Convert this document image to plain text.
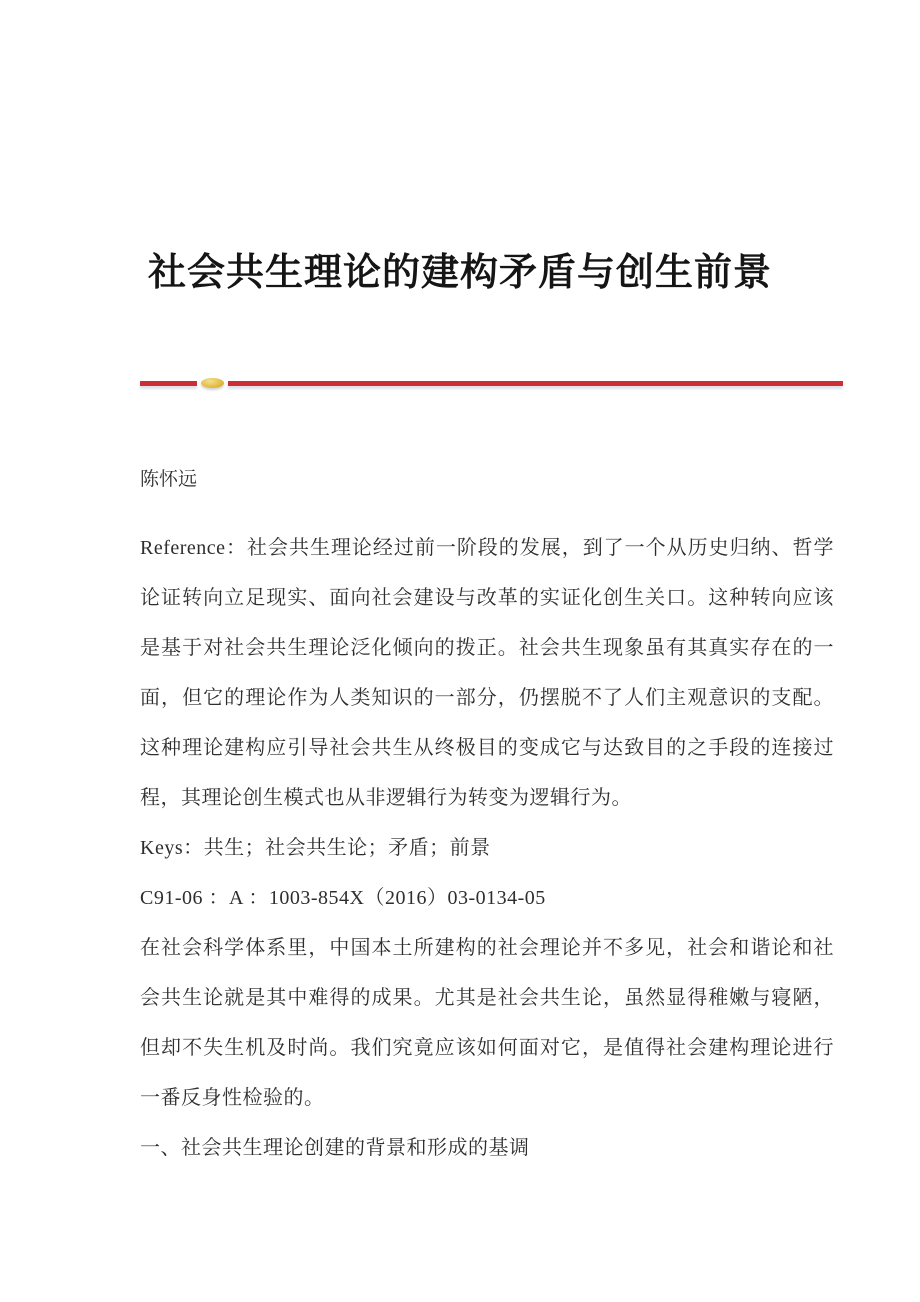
社会共生理论的建构矛盾与创生前景

陈怀远

Reference：社会共生理论经过前一阶段的发展，到了一个从历史归纳、哲学论证转向立足现实、面向社会建设与改革的实证化创生关口。这种转向应该是基于对社会共生理论泛化倾向的拨正。社会共生现象虽有其真实存在的一面，但它的理论作为人类知识的一部分，仍摆脱不了人们主观意识的支配。这种理论建构应引导社会共生从终极目的变成它与达致目的之手段的连接过程，其理论创生模式也从非逻辑行为转变为逻辑行为。

Keys：共生；社会共生论；矛盾；前景

C91-06 ：A ：1003-854X（2016）03-0134-05

在社会科学体系里，中国本土所建构的社会理论并不多见，社会和谐论和社会共生论就是其中难得的成果。尤其是社会共生论，虽然显得稚嫩与寝陋，但却不失生机及时尚。我们究竟应该如何面对它，是值得社会建构理论进行一番反身性检验的。

一、社会共生理论创建的背景和形成的基调
